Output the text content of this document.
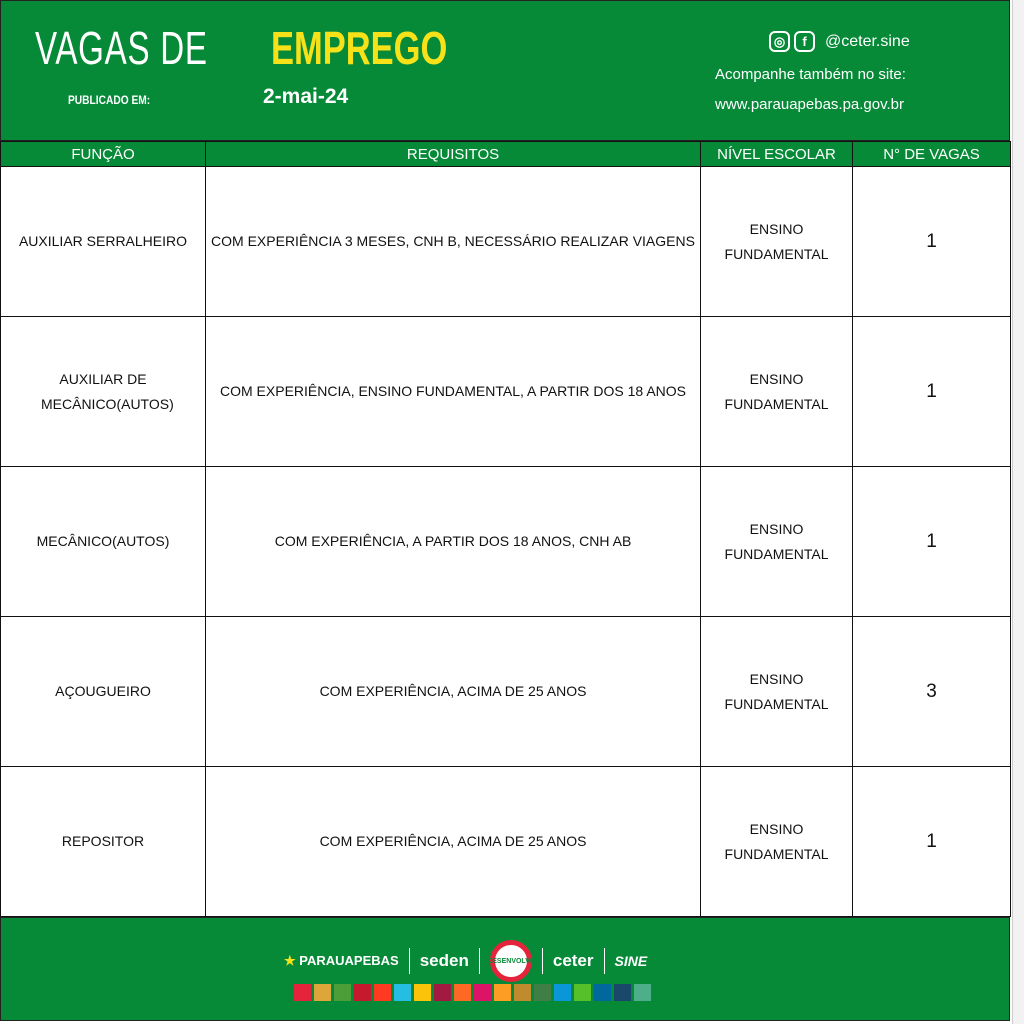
VAGAS DE EMPREGO
PUBLICADO EM:	2-mai-24
◎	f	@ceter.sine
Acompanhe também no site:
www.parauapebas.pa.gov.br
FUNÇÃO	REQUISITOS	NÍVEL ESCOLAR	N° DE VAGAS
AUXILIAR SERRALHEIRO	COM EXPERIÊNCIA 3 MESES, CNH B, NECESSÁRIO REALIZAR VIAGENS	ENSINO FUNDAMENTAL	1
AUXILIAR DE MECÂNICO(AUTOS)	COM EXPERIÊNCIA, ENSINO FUNDAMENTAL, A PARTIR DOS 18 ANOS	ENSINO FUNDAMENTAL	1
MECÂNICO(AUTOS)	COM EXPERIÊNCIA, A PARTIR DOS 18 ANOS, CNH AB	ENSINO FUNDAMENTAL	1
AÇOUGUEIRO	COM EXPERIÊNCIA, ACIMA DE 25 ANOS	ENSINO FUNDAMENTAL	3
REPOSITOR	COM EXPERIÊNCIA, ACIMA DE 25 ANOS	ENSINO FUNDAMENTAL	1
★ PARAUAPEBAS seden	DESENVOLVE ceter SINE
